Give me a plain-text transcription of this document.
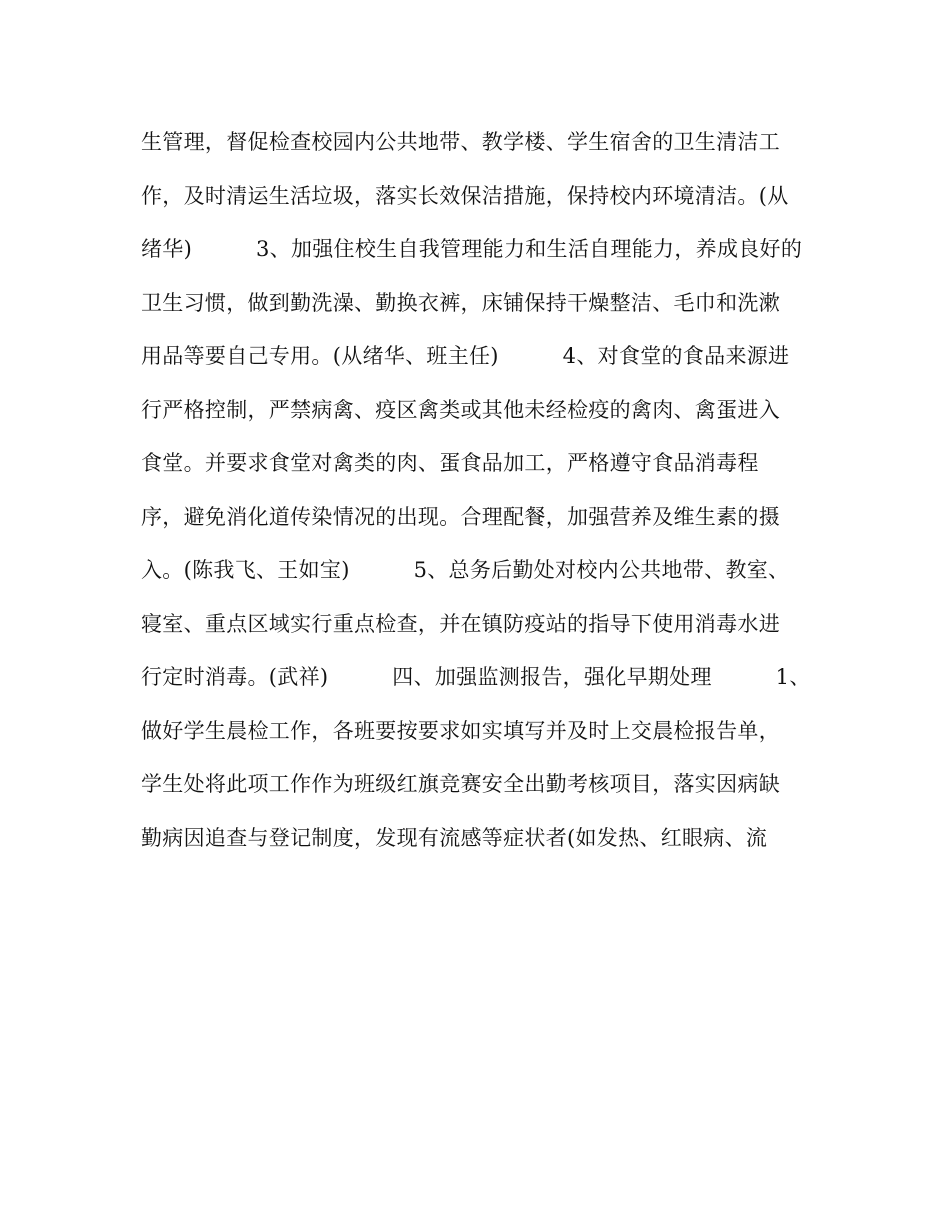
生管理，督促检查校园内公共地带、教学楼、学生宿舍的卫生清洁工
作，及时清运生活垃圾，落实长效保洁措施，保持校内环境清洁。(从
绪华)　　　3、加强住校生自我管理能力和生活自理能力，养成良好的
卫生习惯，做到勤洗澡、勤换衣裤，床铺保持干燥整洁、毛巾和洗漱
用品等要自己专用。(从绪华、班主任)　　　4、对食堂的食品来源进
行严格控制，严禁病禽、疫区禽类或其他未经检疫的禽肉、禽蛋进入
食堂。并要求食堂对禽类的肉、蛋食品加工，严格遵守食品消毒程
序，避免消化道传染情况的出现。合理配餐，加强营养及维生素的摄
入。(陈我飞、王如宝)　　　5、总务后勤处对校内公共地带、教室、
寝室、重点区域实行重点检查，并在镇防疫站的指导下使用消毒水进
行定时消毒。(武祥)　　　四、加强监测报告，强化早期处理　　　1、
做好学生晨检工作，各班要按要求如实填写并及时上交晨检报告单，
学生处将此项工作作为班级红旗竞赛安全出勤考核项目，落实因病缺
勤病因追查与登记制度，发现有流感等症状者(如发热、红眼病、流
